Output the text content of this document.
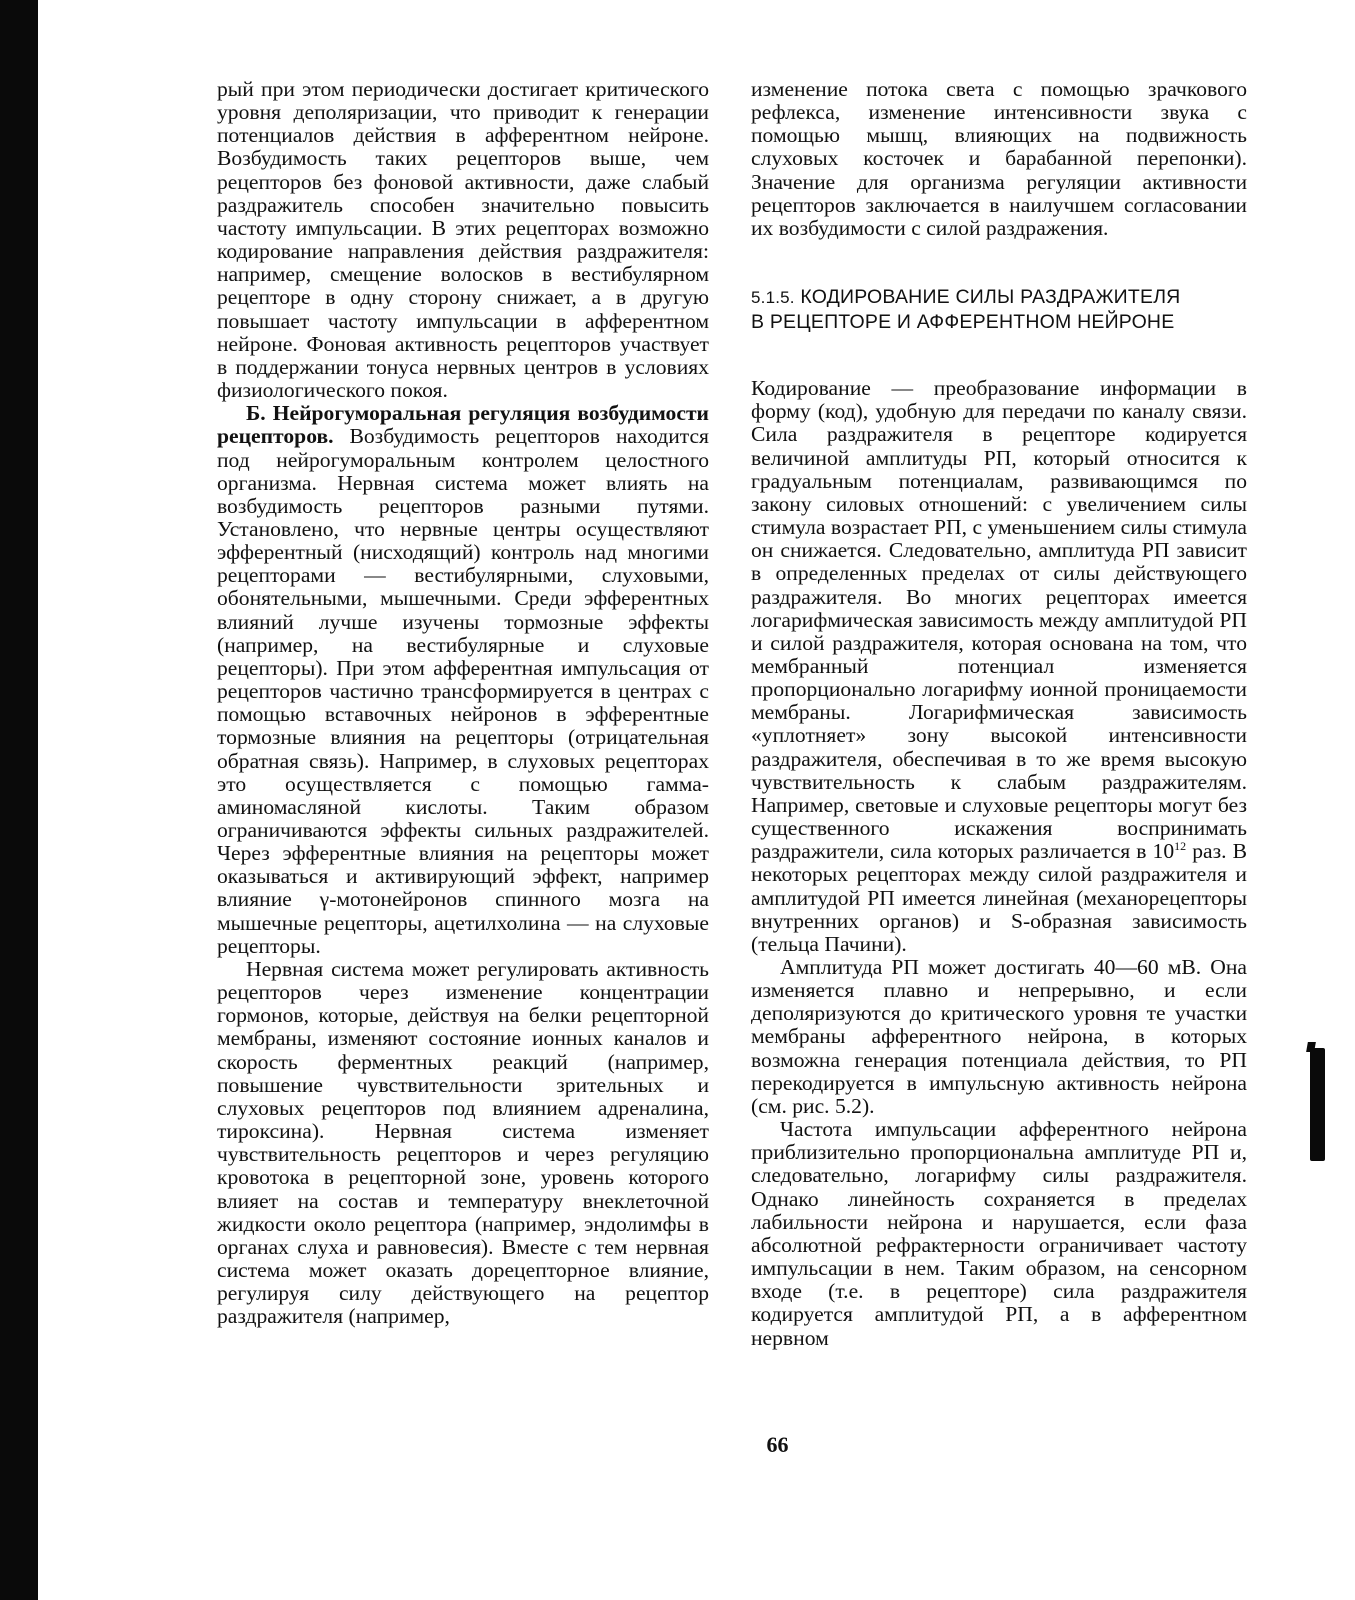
рый при этом периодически достигает критического уровня деполяризации, что приводит к генерации потенциалов действия в афферентном нейроне. Возбудимость таких рецепторов выше, чем рецепторов без фоновой активности, даже слабый раздражитель способен значительно повысить частоту импульсации. В этих рецепторах возможно кодирование направления действия раздражителя: например, смещение волосков в вестибулярном рецепторе в одну сторону снижает, а в другую повышает частоту импульсации в афферентном нейроне. Фоновая активность рецепторов участвует в поддержании тонуса нервных центров в условиях физиологического покоя.

Б. Нейрогуморальная регуляция возбудимости рецепторов. Возбудимость рецепторов находится под нейрогуморальным контролем целостного организма. Нервная система может влиять на возбудимость рецепторов разными путями. Установлено, что нервные центры осуществляют эфферентный (нисходящий) контроль над многими рецепторами — вестибулярными, слуховыми, обонятельными, мышечными. Среди эфферентных влияний лучше изучены тормозные эффекты (например, на вестибулярные и слуховые рецепторы). При этом афферентная импульсация от рецепторов частично трансформируется в центрах с помощью вставочных нейронов в эфферентные тормозные влияния на рецепторы (отрицательная обратная связь). Например, в слуховых рецепторах это осуществляется с помощью гамма-аминомасляной кислоты. Таким образом ограничиваются эффекты сильных раздражителей. Через эфферентные влияния на рецепторы может оказываться и активирующий эффект, например влияние γ-мотонейронов спинного мозга на мышечные рецепторы, ацетилхолина — на слуховые рецепторы.

Нервная система может регулировать активность рецепторов через изменение концентрации гормонов, которые, действуя на белки рецепторной мембраны, изменяют состояние ионных каналов и скорость ферментных реакций (например, повышение чувствительности зрительных и слуховых рецепторов под влиянием адреналина, тироксина). Нервная система изменяет чувствительность рецепторов и через регуляцию кровотока в рецепторной зоне, уровень которого влияет на состав и температуру внеклеточной жидкости около рецептора (например, эндолимфы в органах слуха и равновесия). Вместе с тем нервная система может оказать дорецепторное влияние, регулируя силу действующего на рецептор раздражителя (например,

изменение потока света с помощью зрачкового рефлекса, изменение интенсивности звука с помощью мышц, влияющих на подвижность слуховых косточек и барабанной перепонки). Значение для организма регуляции активности рецепторов заключается в наилучшем согласовании их возбудимости с силой раздражения.

5.1.5. КОДИРОВАНИЕ СИЛЫ РАЗДРАЖИТЕЛЯ
В РЕЦЕПТОРЕ И АФФЕРЕНТНОМ НЕЙРОНЕ

Кодирование — преобразование информации в форму (код), удобную для передачи по каналу связи. Сила раздражителя в рецепторе кодируется величиной амплитуды РП, который относится к градуальным потенциалам, развивающимся по закону силовых отношений: с увеличением силы стимула возрастает РП, с уменьшением силы стимула он снижается. Следовательно, амплитуда РП зависит в определенных пределах от силы действующего раздражителя. Во многих рецепторах имеется логарифмическая зависимость между амплитудой РП и силой раздражителя, которая основана на том, что мембранный потенциал изменяется пропорционально логарифму ионной проницаемости мембраны. Логарифмическая зависимость «уплотняет» зону высокой интенсивности раздражителя, обеспечивая в то же время высокую чувствительность к слабым раздражителям. Например, световые и слуховые рецепторы могут без существенного искажения воспринимать раздражители, сила которых различается в $10^{12}$ раз. В некоторых рецепторах между силой раздражителя и амплитудой РП имеется линейная (механорецепторы внутренних органов) и S-образная зависимость (тельца Пачини).

Амплитуда РП может достигать 40—60 мВ. Она изменяется плавно и непрерывно, и если деполяризуются до критического уровня те участки мембраны афферентного нейрона, в которых возможна генерация потенциала действия, то РП перекодируется в импульсную активность нейрона (см. рис. 5.2).

Частота импульсации афферентного нейрона приблизительно пропорциональна амплитуде РП и, следовательно, логарифму силы раздражителя. Однако линейность сохраняется в пределах лабильности нейрона и нарушается, если фаза абсолютной рефрактерности ограничивает частоту импульсации в нем. Таким образом, на сенсорном входе (т.е. в рецепторе) сила раздражителя кодируется амплитудой РП, а в афферентном нервном

66
